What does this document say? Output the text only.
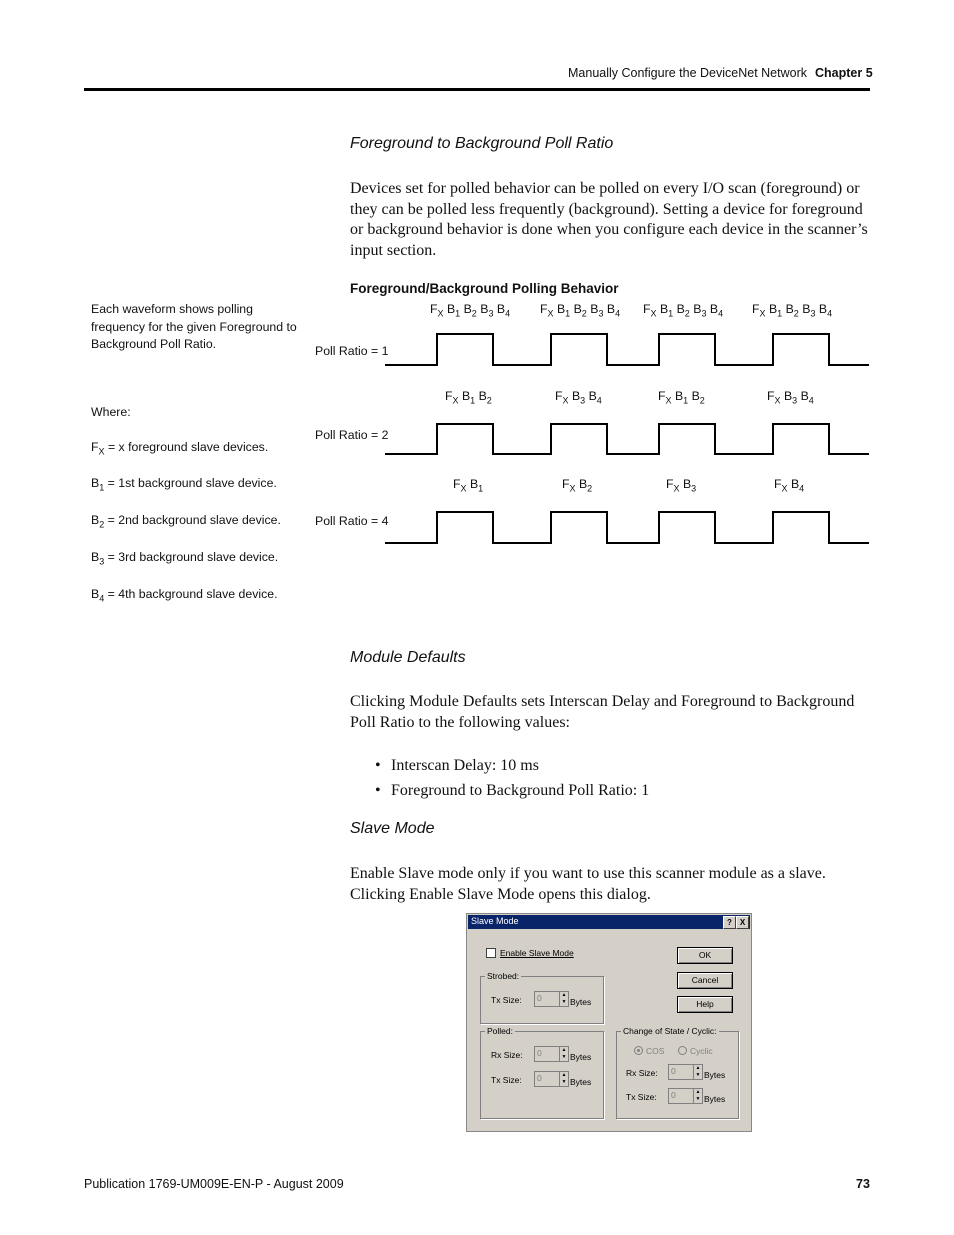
Manually Configure the DeviceNet Network Chapter 5
Foreground to Background Poll Ratio

Devices set for polled behavior can be polled on every I/O scan (foreground) or they can be polled less frequently (background). Setting a device for foreground or background behavior is done when you configure each device in the scanner’s input section.

Foreground/Background Polling Behavior
Each waveform shows polling frequency for the given Foreground to Background Poll Ratio.
Where:
$F_X = x$ foreground slave devices.
$B_1 = 1st$ background slave device.
$B_2 = 2nd$ background slave device.
$B_3 = 3rd$ background slave device.
$B_4 = 4th$ background slave device.
Poll Ratio = 1
Poll Ratio = 2
Poll Ratio = 4
$F_X$ $B_1$ $B_2$ $B_3$ $B_4$ $F_X$ $B_1$ $B_2$ $B_3$ $B_4$ $F_X$ $B_1$ $B_2$ $B_3$ $B_4$ $F_X$ $B_1$ $B_2$ $B_3$ $B_4$
$F_X$ $B_1$ $B_2$	$F_X$ $B_3$ $B_4$	$F_X$ $B_1$ $B_2$	$F_X$ $B_3$ $B_4$
$F_X$ $B_1$	$F_X$ $B_2$	$F_X$ $B_3$	$F_X$ $B_4$
Module Defaults

Clicking Module Defaults sets Interscan Delay and Foreground to Background Poll Ratio to the following values:

• Interscan Delay: 10 ms
• Foreground to Background Poll Ratio: 1
Slave Mode

Enable Slave mode only if you want to use this scanner module as a slave. Clicking Enable Slave Mode opens this dialog.

Slave Mode	? X
Enable Slave Mode	OK
Cancel
Help
Strobed:
Tx Size: 0	▲
▼ Bytes
Polled:
Rx Size: 0	▲
▼ Bytes
Tx Size: 0	▲
▼ Bytes
Change of State / Cyclic:
COS	Cyclic
Rx Size: 0	▲
▼ Bytes
Tx Size: 0	▲
▼ Bytes
Publication 1769-UM009E-EN-P - August 2009	73
